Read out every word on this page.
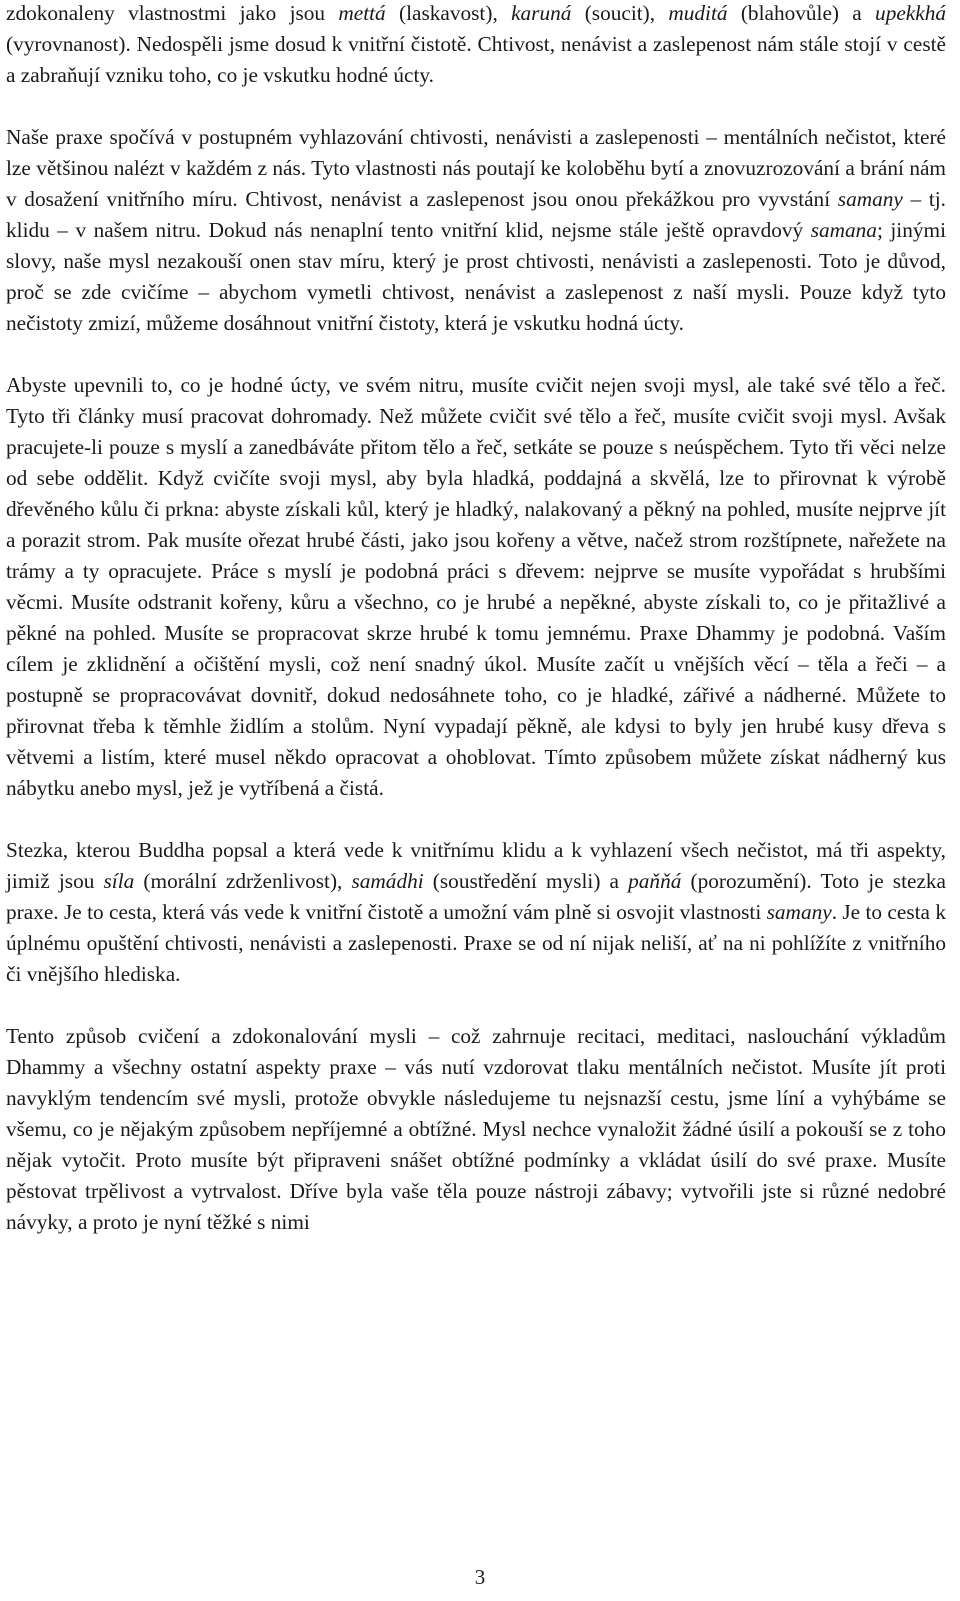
zdokonaleny vlastnostmi jako jsou mettá (laskavost), karuná (soucit), muditá (blahovůle) a upekkhá (vyrovnanost). Nedospěli jsme dosud k vnitřní čistotě. Chtivost, nenávist a zaslepenost nám stále stojí v cestě a zabraňují vzniku toho, co je vskutku hodné úcty.

Naše praxe spočívá v postupném vyhlazování chtivosti, nenávisti a zaslepenosti – mentálních nečistot, které lze většinou nalézt v každém z nás. Tyto vlastnosti nás poutají ke koloběhu bytí a znovuzrozování a brání nám v dosažení vnitřního míru. Chtivost, nenávist a zaslepenost jsou onou překážkou pro vyvstání samany – tj. klidu – v našem nitru. Dokud nás nenaplní tento vnitřní klid, nejsme stále ještě opravdový samana; jinými slovy, naše mysl nezakouší onen stav míru, který je prost chtivosti, nenávisti a zaslepenosti. Toto je důvod, proč se zde cvičíme – abychom vymetli chtivost, nenávist a zaslepenost z naší mysli. Pouze když tyto nečistoty zmizí, můžeme dosáhnout vnitřní čistoty, která je vskutku hodná úcty.

Abyste upevnili to, co je hodné úcty, ve svém nitru, musíte cvičit nejen svoji mysl, ale také své tělo a řeč. Tyto tři články musí pracovat dohromady. Než můžete cvičit své tělo a řeč, musíte cvičit svoji mysl. Avšak pracujete-li pouze s myslí a zanedbáváte přitom tělo a řeč, setkáte se pouze s neúspěchem. Tyto tři věci nelze od sebe oddělit. Když cvičíte svoji mysl, aby byla hladká, poddajná a skvělá, lze to přirovnat k výrobě dřevěného kůlu či prkna: abyste získali kůl, který je hladký, nalakovaný a pěkný na pohled, musíte nejprve jít a porazit strom. Pak musíte ořezat hrubé části, jako jsou kořeny a větve, načež strom rozštípnete, nařežete na trámy a ty opracujete. Práce s myslí je podobná práci s dřevem: nejprve se musíte vypořádat s hrubšími věcmi. Musíte odstranit kořeny, kůru a všechno, co je hrubé a nepěkné, abyste získali to, co je přitažlivé a pěkné na pohled. Musíte se propracovat skrze hrubé k tomu jemnému. Praxe Dhammy je podobná. Vaším cílem je zklidnění a očištění mysli, což není snadný úkol. Musíte začít u vnějších věcí – těla a řeči – a postupně se propracovávat dovnitř, dokud nedosáhnete toho, co je hladké, zářivé a nádherné. Můžete to přirovnat třeba k těmhle židlím a stolům. Nyní vypadají pěkně, ale kdysi to byly jen hrubé kusy dřeva s větvemi a listím, které musel někdo opracovat a ohoblovat. Tímto způsobem můžete získat nádherný kus nábytku anebo mysl, jež je vytříbená a čistá.

Stezka, kterou Buddha popsal a která vede k vnitřnímu klidu a k vyhlazení všech nečistot, má tři aspekty, jimiž jsou síla (morální zdrženlivost), samádhi (soustředění mysli) a paňňá (porozumění). Toto je stezka praxe. Je to cesta, která vás vede k vnitřní čistotě a umožní vám plně si osvojit vlastnosti samany. Je to cesta k úplnému opuštění chtivosti, nenávisti a zaslepenosti. Praxe se od ní nijak neliší, ať na ni pohlížíte z vnitřního či vnějšího hlediska.

Tento způsob cvičení a zdokonalování mysli – což zahrnuje recitaci, meditaci, naslouchání výkladům Dhammy a všechny ostatní aspekty praxe – vás nutí vzdorovat tlaku mentálních nečistot. Musíte jít proti navyklým tendencím své mysli, protože obvykle následujeme tu nejsnazší cestu, jsme líní a vyhýbáme se všemu, co je nějakým způsobem nepříjemné a obtížné. Mysl nechce vynaložit žádné úsilí a pokouší se z toho nějak vytočit. Proto musíte být připraveni snášet obtížné podmínky a vkládat úsilí do své praxe. Musíte pěstovat trpělivost a vytrvalost. Dříve byla vaše těla pouze nástroji zábavy; vytvořili jste si různé nedobré návyky, a proto je nyní těžké s nimi

3
